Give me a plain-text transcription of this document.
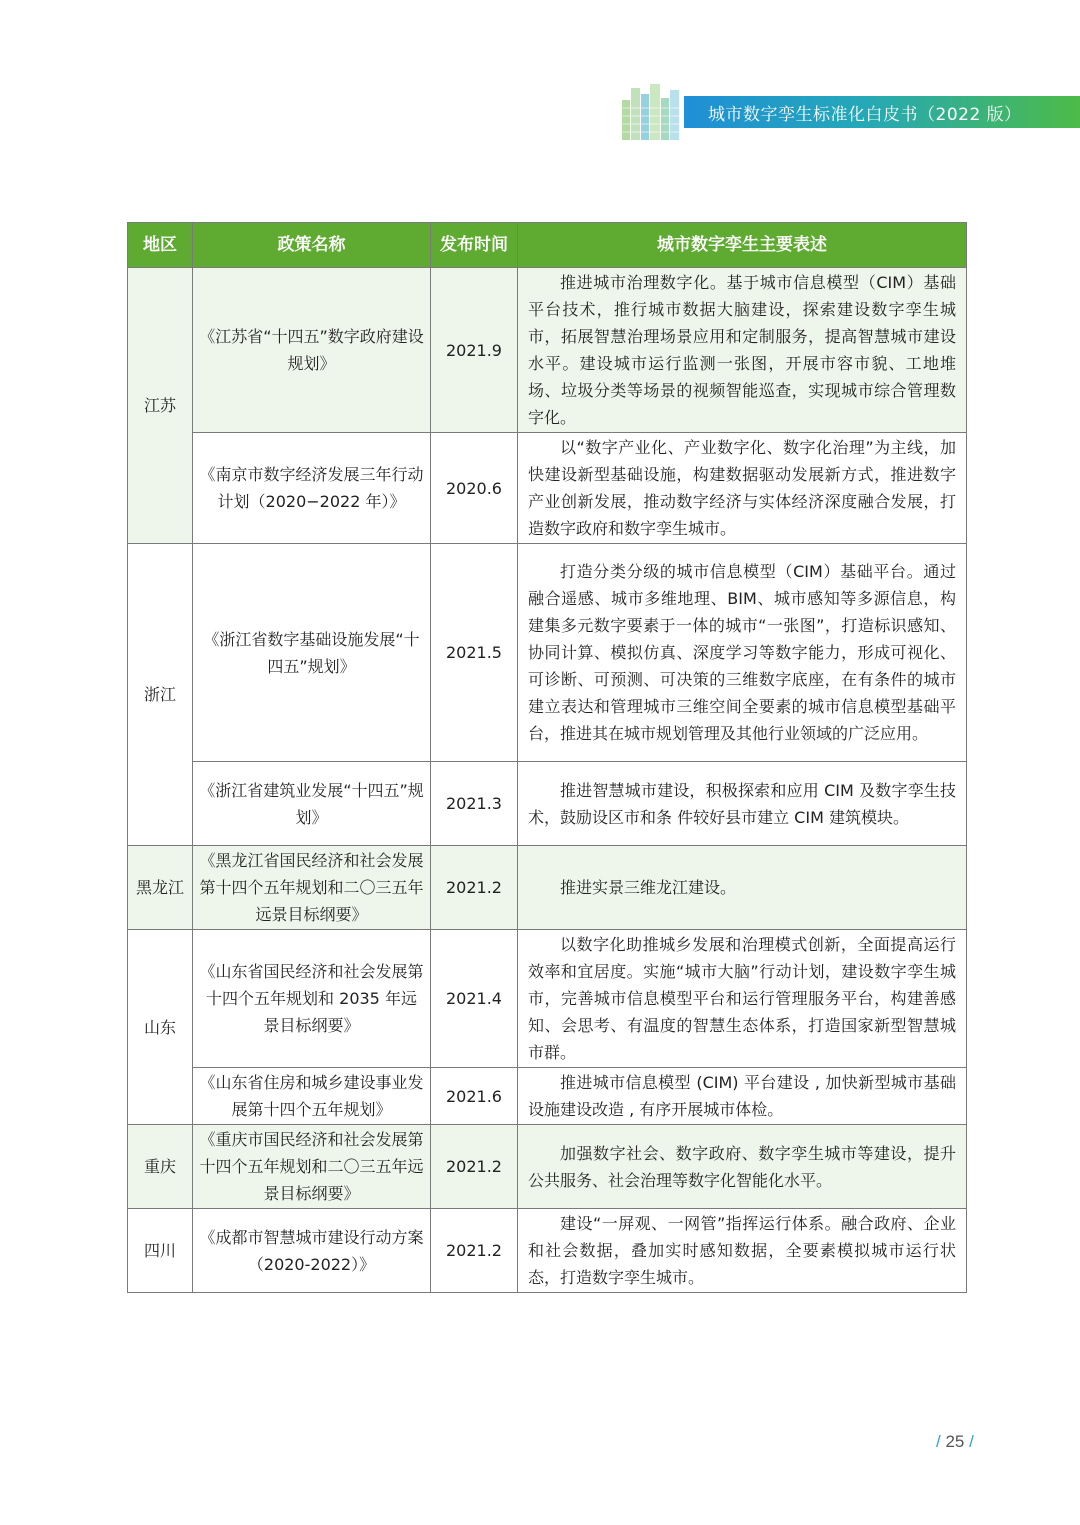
城市数字孪生标准化白皮书（2022 版）
地区	政策名称	发布时间	城市数字孪生主要表述
江苏	《江苏省“十四五”数字政府建设规划》	2021.9	推进城市治理数字化。基于城市信息模型（CIM）基础平台技术，推行城市数据大脑建设，探索建设数字孪生城市，拓展智慧治理场景应用和定制服务，提高智慧城市建设水平。建设城市运行监测一张图，开展市容市貌、工地堆场、垃圾分类等场景的视频智能巡查，实现城市综合管理数字化。

	《南京市数字经济发展三年行动计划（2020−2022 年）》	2020.6	以“数字产业化、产业数字化、数字化治理”为主线，加快建设新型基础设施，构建数据驱动发展新方式，推进数字产业创新发展，推动数字经济与实体经济深度融合发展，打造数字政府和数字孪生城市。

浙江	《浙江省数字基础设施发展“十四五”规划》	2021.5	打造分类分级的城市信息模型（CIM）基础平台。通过融合遥感、城市多维地理、BIM、城市感知等多源信息，构建集多元数字要素于一体的城市“一张图”，打造标识感知、协同计算、模拟仿真、深度学习等数字能力，形成可视化、可诊断、可预测、可决策的三维数字底座，在有条件的城市建立表达和管理城市三维空间全要素的城市信息模型基础平台，推进其在城市规划管理及其他行业领域的广泛应用。

	《浙江省建筑业发展“十四五”规划》	2021.3	推进智慧城市建设，积极探索和应用 CIM 及数字孪生技术，鼓励设区市和条 件较好县市建立 CIM 建筑模块。

黑龙江	《黑龙江省国民经济和社会发展第十四个五年规划和二〇三五年远景目标纲要》	2021.2	推进实景三维龙江建设。

山东	《山东省国民经济和社会发展第十四个五年规划和 2035 年远景目标纲要》	2021.4	以数字化助推城乡发展和治理模式创新，全面提高运行效率和宜居度。实施“城市大脑”行动计划，建设数字孪生城市，完善城市信息模型平台和运行管理服务平台，构建善感知、会思考、有温度的智慧生态体系，打造国家新型智慧城市群。

	《山东省住房和城乡建设事业发展第十四个五年规划》	2021.6	推进城市信息模型 (CIM) 平台建设 , 加快新型城市基础设施建设改造 , 有序开展城市体检。

重庆	《重庆市国民经济和社会发展第十四个五年规划和二〇三五年远景目标纲要》	2021.2	加强数字社会、数字政府、数字孪生城市等建设，提升公共服务、社会治理等数字化智能化水平。

四川	《成都市智慧城市建设行动方案（2020-2022）》	2021.2	建设“一屏观、一网管”指挥运行体系。融合政府、企业和社会数据，叠加实时感知数据，全要素模拟城市运行状态，打造数字孪生城市。
/ 25 /
